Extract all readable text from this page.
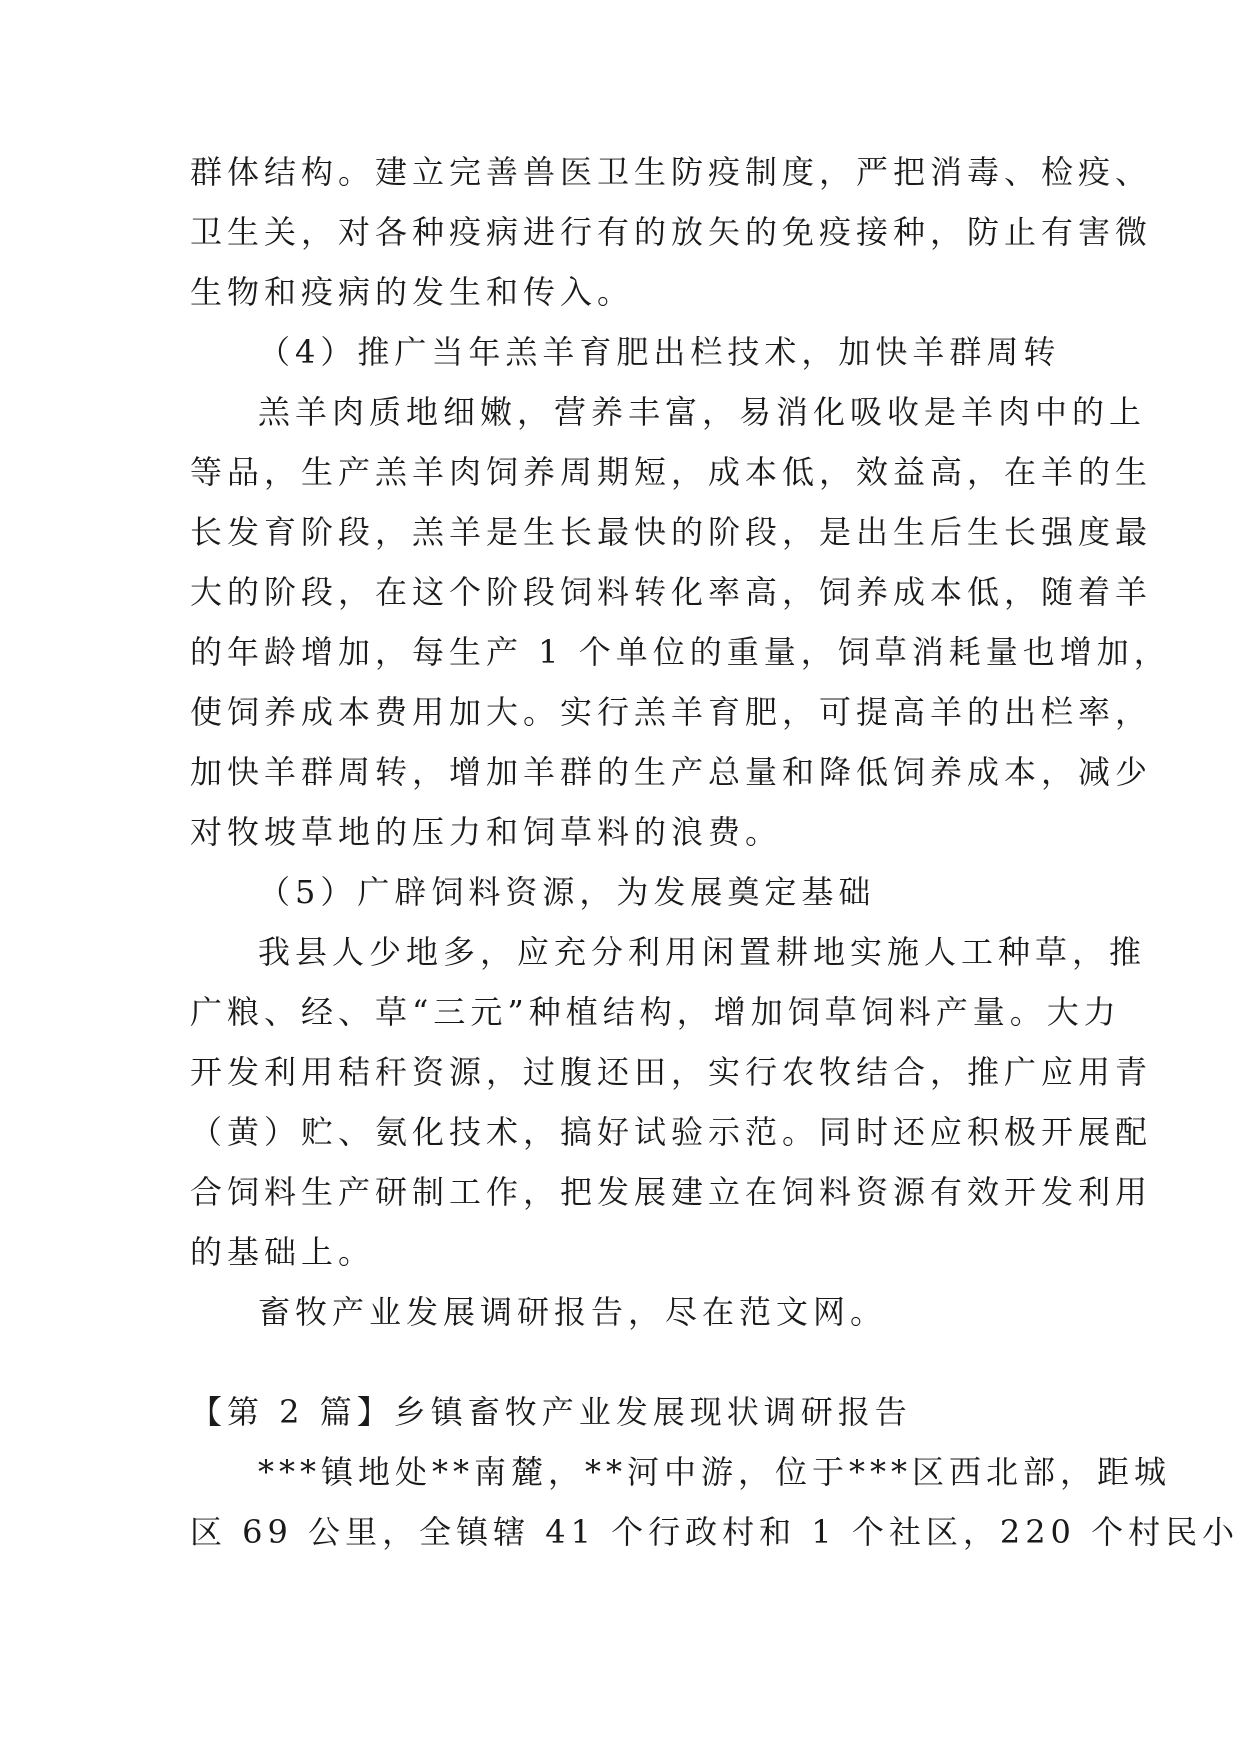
群体结构。建立完善兽医卫生防疫制度，严把消毒、检疫、
卫生关，对各种疫病进行有的放矢的免疫接种，防止有害微
生物和疫病的发生和传入。
（4）推广当年羔羊育肥出栏技术，加快羊群周转
羔羊肉质地细嫩，营养丰富，易消化吸收是羊肉中的上
等品，生产羔羊肉饲养周期短，成本低，效益高，在羊的生
长发育阶段，羔羊是生长最快的阶段，是出生后生长强度最
大的阶段，在这个阶段饲料转化率高，饲养成本低，随着羊
的年龄增加，每生产 1 个单位的重量，饲草消耗量也增加，
使饲养成本费用加大。实行羔羊育肥，可提高羊的出栏率，
加快羊群周转，增加羊群的生产总量和降低饲养成本，减少
对牧坡草地的压力和饲草料的浪费。
（5）广辟饲料资源，为发展奠定基础
我县人少地多，应充分利用闲置耕地实施人工种草，推
广粮、经、草“三元”种植结构，增加饲草饲料产量。大力
开发利用秸秆资源，过腹还田，实行农牧结合，推广应用青
（黄）贮、氨化技术，搞好试验示范。同时还应积极开展配
合饲料生产研制工作，把发展建立在饲料资源有效开发利用
的基础上。
畜牧产业发展调研报告，尽在范文网。
【第 2 篇】乡镇畜牧产业发展现状调研报告
***镇地处**南麓，**河中游，位于***区西北部，距城
区 69 公里，全镇辖 41 个行政村和 1 个社区，220 个村民小
